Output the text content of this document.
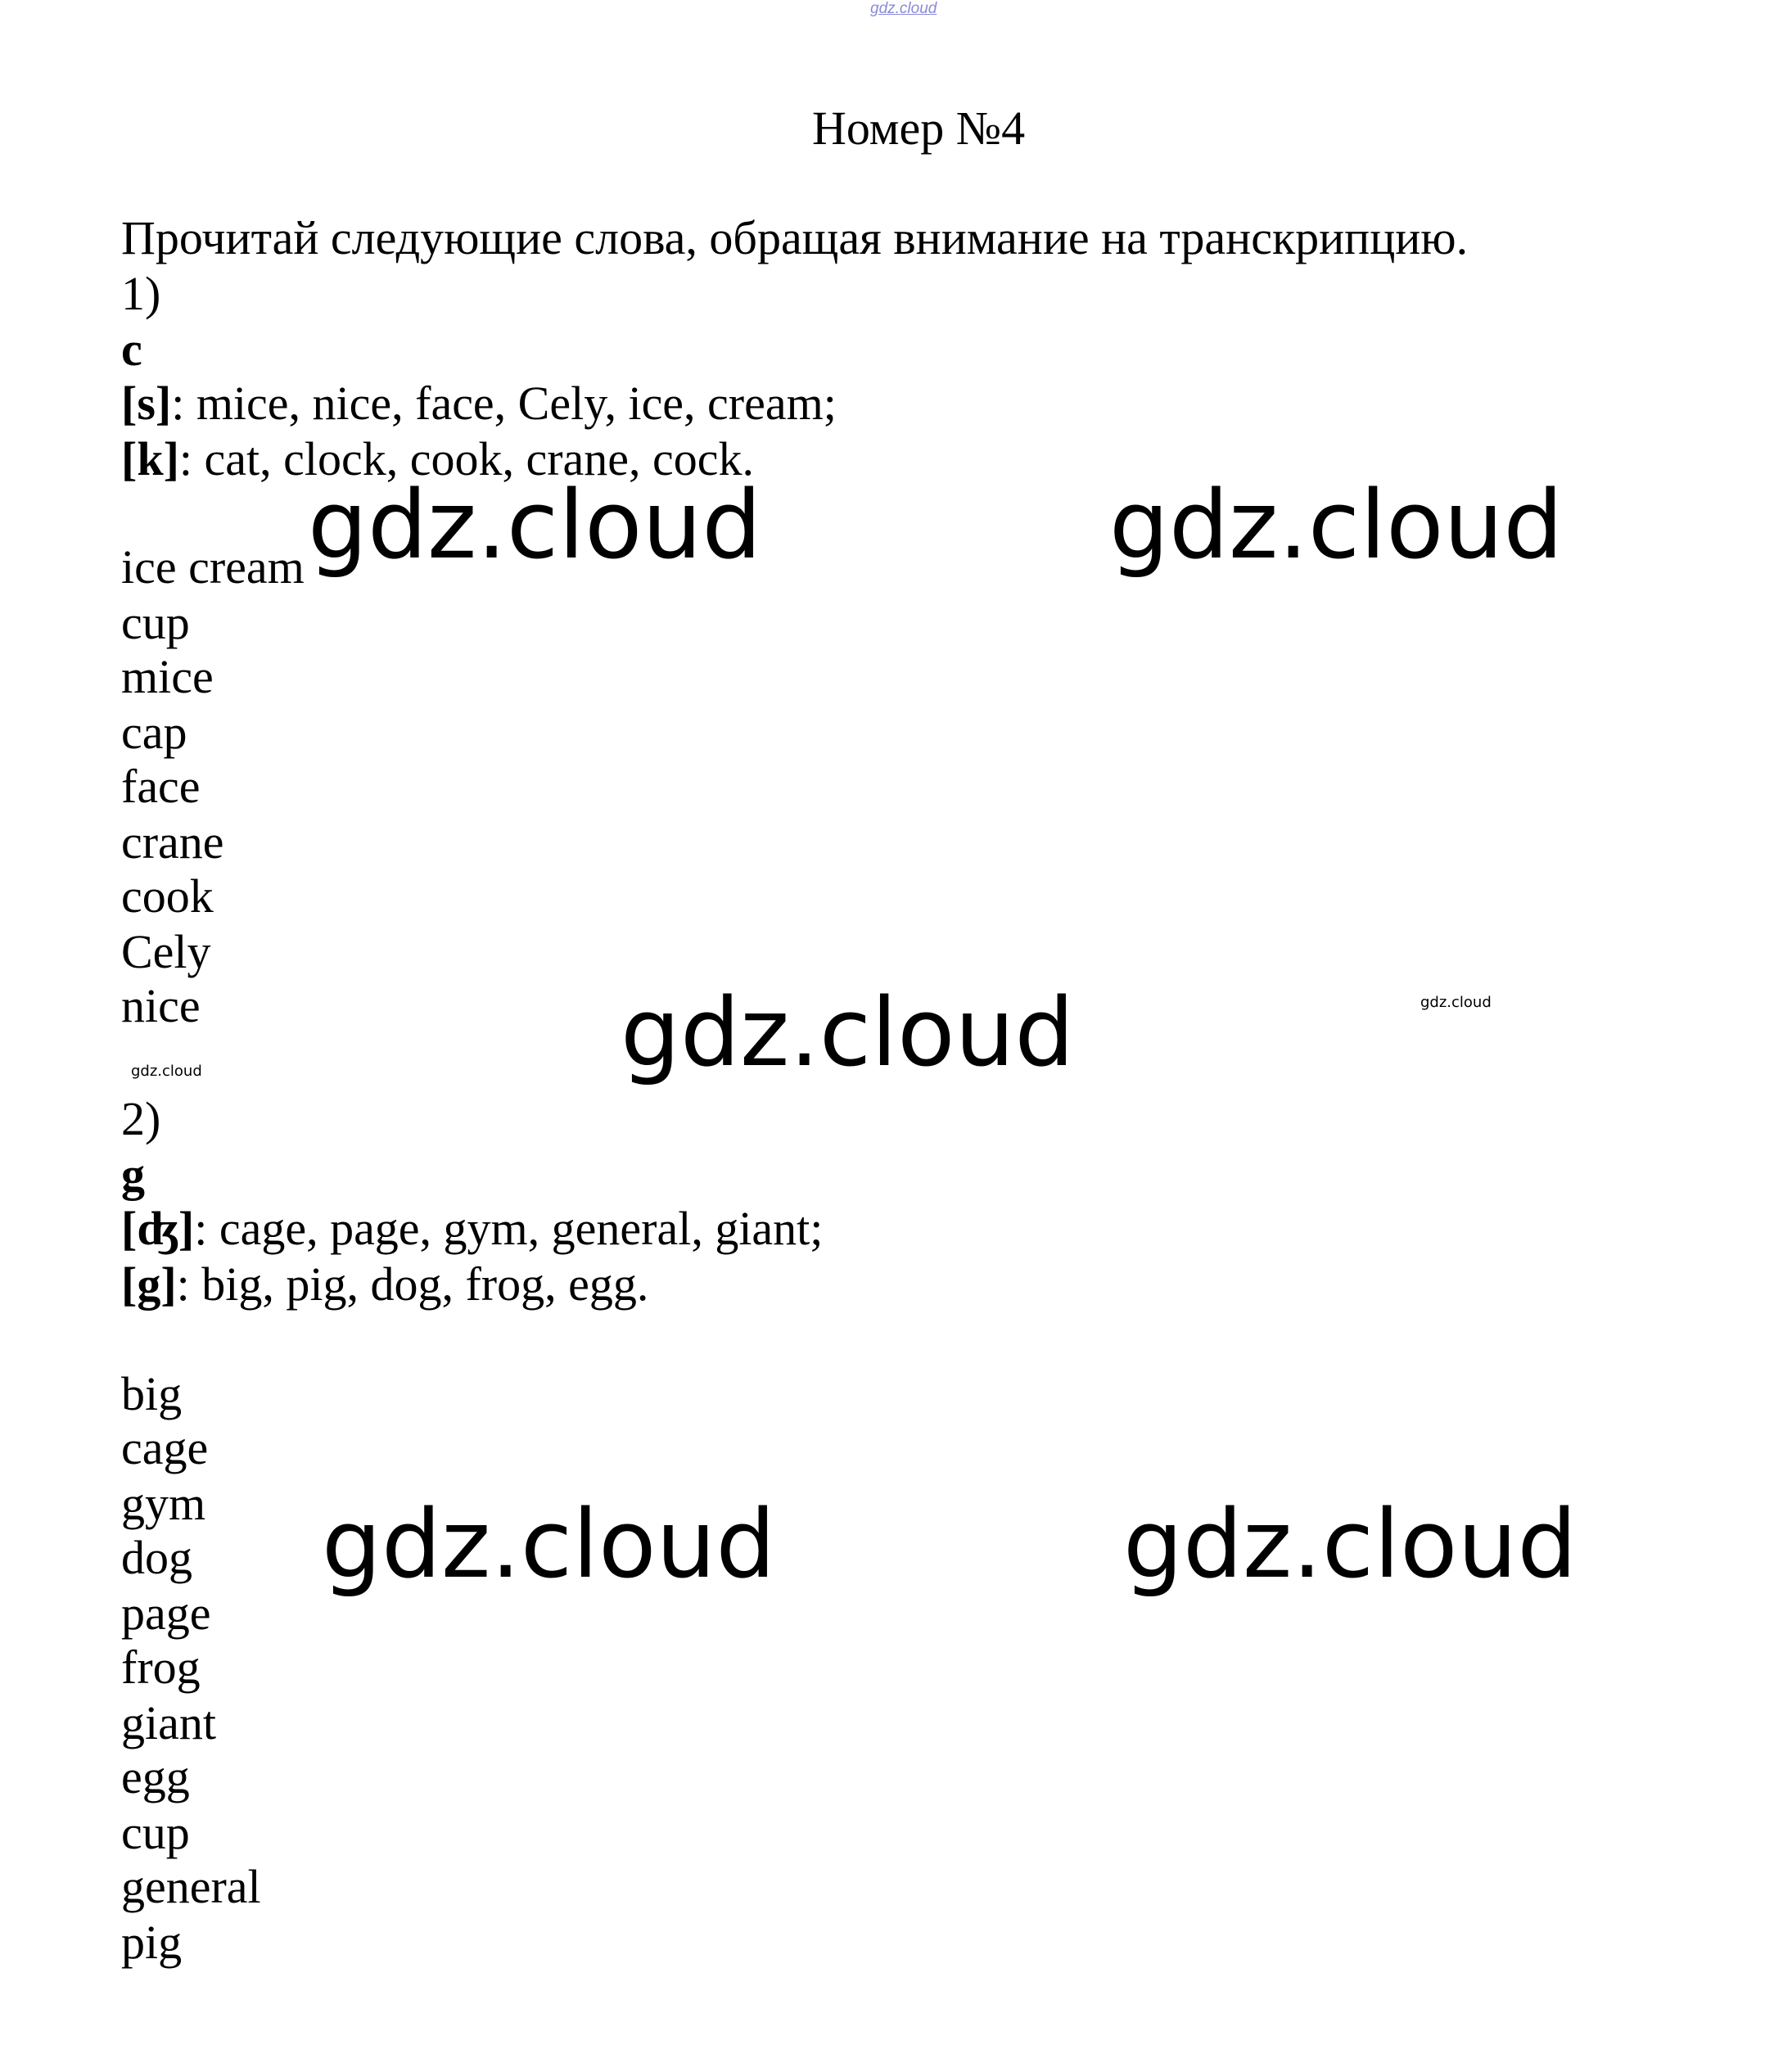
gdz.cloud
Номер №4
Прочитай следующие слова, обращая внимание на транскрипцию.
1)
c
[s]: mice, nice, face, Cely, ice, cream;
[k]: cat, clock, cook, crane, cock.
ice cream
cup
mice
cap
face
crane
cook
Cely
nice
2)
g
[ʤ]: cage, page, gym, general, giant;
[g]: big, pig, dog, frog, egg.
big
cage
gym
dog
page
frog
giant
egg
cup
general
pig
gdz.cloud	gdz.cloud
gdz.cloud
gdz.cloud	gdz.cloud
gdz.cloud
gdz.cloud
